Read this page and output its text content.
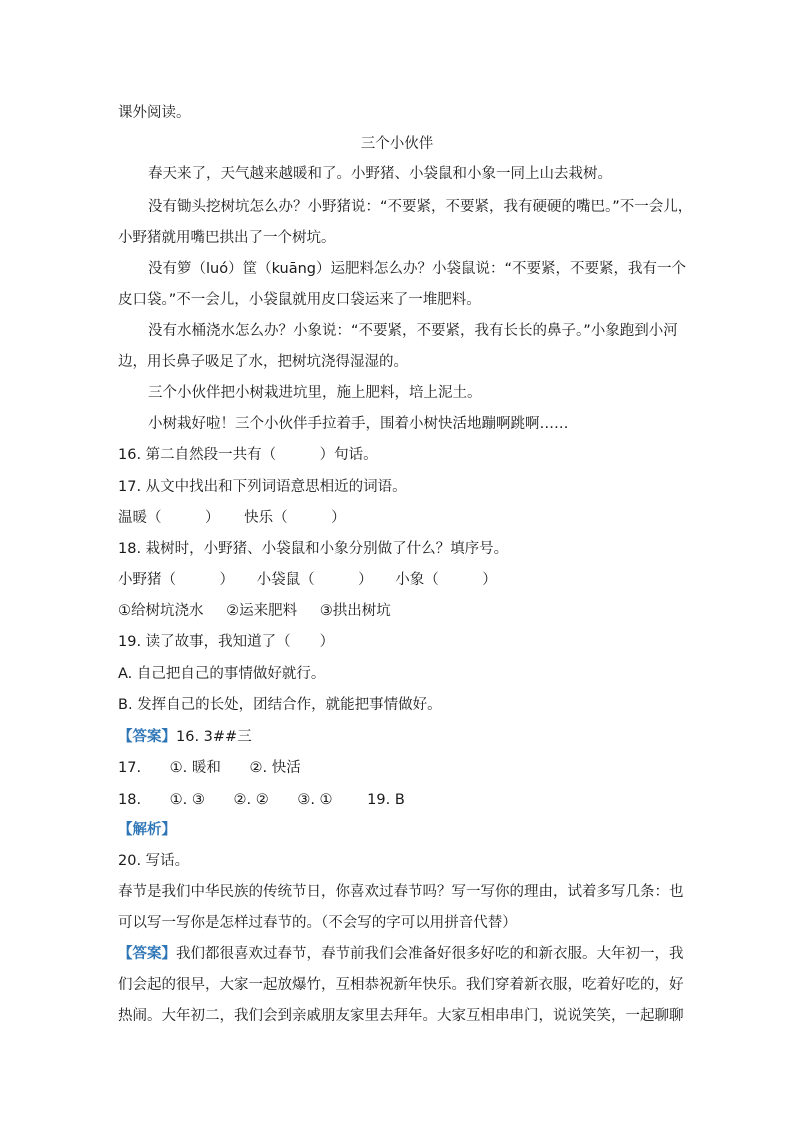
课外阅读。
三个小伙伴
春天来了，天气越来越暖和了。小野猪、小袋鼠和小象一同上山去栽树。
没有锄头挖树坑怎么办？小野猪说：“不要紧，不要紧，我有硬硬的嘴巴。”不一会儿，
小野猪就用嘴巴拱出了一个树坑。
没有箩（luó）筐（kuāng）运肥料怎么办？小袋鼠说：“不要紧，不要紧，我有一个
皮口袋。”不一会儿，小袋鼠就用皮口袋运来了一堆肥料。
没有水桶浇水怎么办？小象说：“不要紧，不要紧，我有长长的鼻子。”小象跑到小河
边，用长鼻子吸足了水，把树坑浇得湿湿的。
三个小伙伴把小树栽进坑里，施上肥料，培上泥土。
小树栽好啦！三个小伙伴手拉着手，围着小树快活地蹦啊跳啊……
16. 第二自然段一共有（　　　）句话。
17. 从文中找出和下列词语意思相近的词语。
温暖（　　　） 快乐（　　　）
18. 栽树时，小野猪、小袋鼠和小象分别做了什么？填序号。
小野猪（　　　） 小袋鼠（　　　） 小象（　　　）
①给树坑浇水 ②运来肥料 ③拱出树坑
19. 读了故事，我知道了（　　）
A. 自己把自己的事情做好就行。
B. 发挥自己的长处，团结合作，就能把事情做好。
【答案】16. 3##三
17. ①. 暖和 ②. 快活
18. ①. ③ ②. ② ③. ① 19. B
【解析】
20. 写话。
春节是我们中华民族的传统节日，你喜欢过春节吗？写一写你的理由，试着多写几条：也
可以写一写你是怎样过春节的。（不会写的字可以用拼音代替）
【答案】我们都很喜欢过春节，春节前我们会准备好很多好吃的和新衣服。大年初一，我
们会起的很早，大家一起放爆竹，互相恭祝新年快乐。我们穿着新衣服，吃着好吃的，好
热闹。大年初二，我们会到亲戚朋友家里去拜年。大家互相串串门，说说笑笑，一起聊聊
